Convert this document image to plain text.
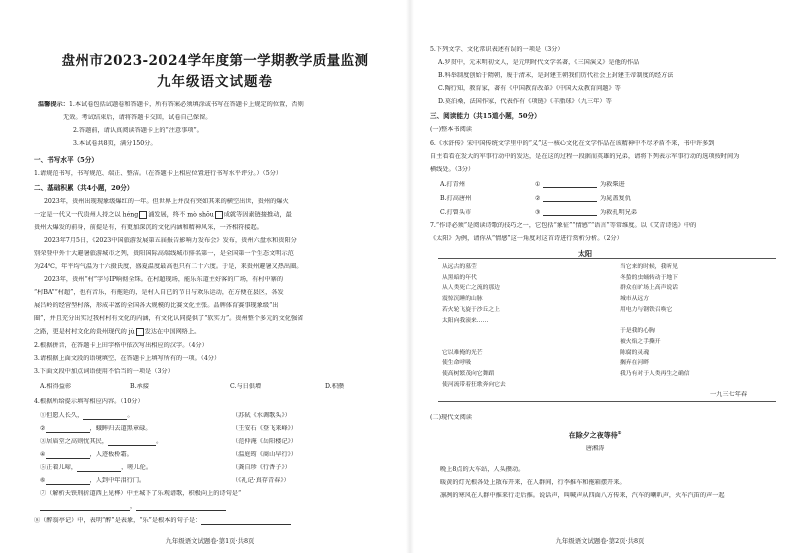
盘州市2023-2024学年度第一学期教学质量监测
九年级语文试题卷
温馨提示：1.本试卷包括试题卷和答题卡，所有答案必须填涂或书写在答题卡上规定的位置，否则
无效。考试结束后，请将答题卡交回，试卷自己保留。
2.答题前，请认真阅读答题卡上的“注意事项”。
3.本试卷共8页，满分150分。
一、书写水平（5分）
1.请规范书写，书写规范、端正、整洁。（在答题卡上相应位置进行书写水平评分。）（5分）
二、基础积累（共4小题，20分）
2023年，贵州出现现象级爆红的一年。但世界上并没有突如其来的横空出世，贵州的爆火
一定是一代又一代贵州人持之以 héng 浦发展，终不 mò shōu 成就等因素链接推动，最
贵州大爆发的前身，前提是有，有更加深沉的文化内涵和精神风采，一齐相符接起。
2023年7月5日，《2023中国旅游发展第五届报告影响力发布会》发布，贵州六盘水和贵阳分
别荣登中外十大避暑旅游城市之列，贵阳国际高端线城市排名第一，是全国第一个生态文明示范
为24℃，年平均气温为十六摄氏度，盛夏温度最高也只有二十六度。于是，来贵州避暑又热出圈。
2023年，贵州“村”字号IP晌彻全珠。在村超现场，能乐东道主好客的广场，有村中寨的
“村BA”“村超”，也有音乐，有拖延的，是村人自已的节日与欢乐运动，在方便在县区，各发
展吕岭的经营型村落，形成丰富的全国各大规模的比赛文化主张。品牌体育赛事现象级“出
圈”，并且充分出实过我村村有文化的内涵，有文化认同提供了“软实力”。贵州整个多元的文化强省
之路，更是村村文化的贵州现代的 jù 发达在中国网络上。
2.根据拼音，在答题卡上田字格中依次写出相应的汉字。（4分）
3.请根据上面文段的语境填空，在答题卡上填写所有的一项。（4分）
3.下面文段中加点词语使用不恰当的一项是（3分）
A.相得益彰	B.承接	C.与日俱增	D.积攒
4.根据所给提示填写相应内容。（10分）
①但愿人长久，	。	（苏轼《水调歌头》）
②	，蛾眸归去道黑章碌。	（王安石《登飞来峰》）
③居庙堂之高则忧其民，	。	（范仲淹《岳阳楼记》）
④	，人迹板桥霜。	（温庭筠《商山早行》）
⑤正着儿啼，	，嗟儿伦。	（龚自珍《行香子》）
⑥	，人到中年泪行门。	（《礼记·真存青春》）
⑦（解析天铁刑折道西上见桦）中主城下了乐观谱歌，积极向上的诗句是“
，
⑧（醉翁亭记）中，表明“醉”是表象，“乐”是根本的句子是：
九年级语文试题卷·第1页·共8页
5.下列文学、文化常识表述有误的一项是（3分）
A.罗贯中，元末明初文人，是元明时代文学名著，《三国演义》是他的作品
B.科举制度创始于隋朝，废于清末，是封建王朝我们历代社会上封建王帝制度的经方法
C.陶行知，教育家，著有《中国教育改革》《中国大众教育问题》等
D.莫泊桑，法国作家，代表作有《项链》《羊脂球》（九三年）等
三、阅读能力（共15道小题，50分）
(一)整本书阅读
6.《水浒传》宋中国传统文学里中的“义”这一核心文化在文学作品在该精神中不尽矛盾不来，书中许多到
自主看看在发大的军事行动中的发达，是在这的过程一段据而英雄的兄弟，请将下列表示军事行动的选项按时间为
横线处。（3分）
A.打青州	①	为救柴进
B.打高唐州	②	为晁盖复仇
C.打曾头市	③	为救孔明兄弟
7.“作诗必须”是阅读诗歌的技巧之一，它包括“象征”“情感”“语言”等常维度。以《艾青诗选》中的
《太阳》为例，请你从“情感”这一角度对这首诗进行赏析分析。（2分）
太阳
从远古的墓茔
从黑暗的年代
从人类死亡之流的那边
震惊沉睡的山脉
若火轮飞旋于沙丘之上
太阳向我滚来……
它以难掩的光芒
使生命呼吸
使高树繁茂向它舞蹈
使河流带着狂歌奔向它去
当它来的时候，我听见
冬蛰的虫蛹转动于地下
群众在旷场上高声说话
城市从远方
用电力与钢铁召唤它
于是我的心胸
被火焰之手撕开
陈腐的灵魂
搁弃在河畔
我乃有对于人类再生之确信
一九三七年春
(二)现代文阅读
在除夕之夜等待①
唐湘涛
晚上8点的大车站，人头攒动。
暖黄的灯光根各处上散布开来，在人群间，行李推车和拖箱摆开来。
凛冽的寒风在人群中推来行走后推。说话声，叫喊声从四面八方传来，汽车的喇叭声，火车汽笛的声一起
九年级语文试题卷·第2页·共8页
